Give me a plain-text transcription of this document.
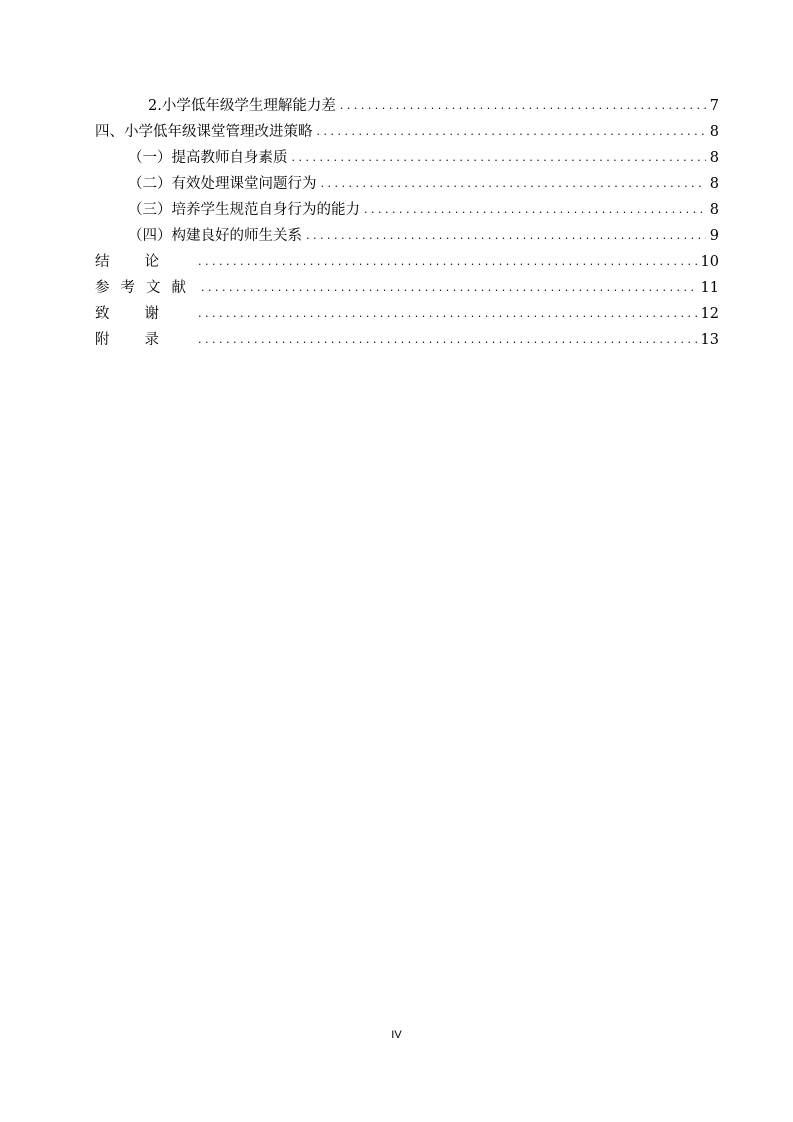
2.小学低年级学生理解能力差 . . .	7
四、小学低年级课堂管理改进策略 . . .	8
（一）提高教师自身素质 . . .	8
（二）有效处理课堂问题行为 . . .	8
（三）培养学生规范自身行为的能力 . . .	8
（四）构建良好的师生关系 . . .	9
结论 . . .	10
参考文献 . . .	11
致谢 . . .	12
附录 . . .	13
IV
